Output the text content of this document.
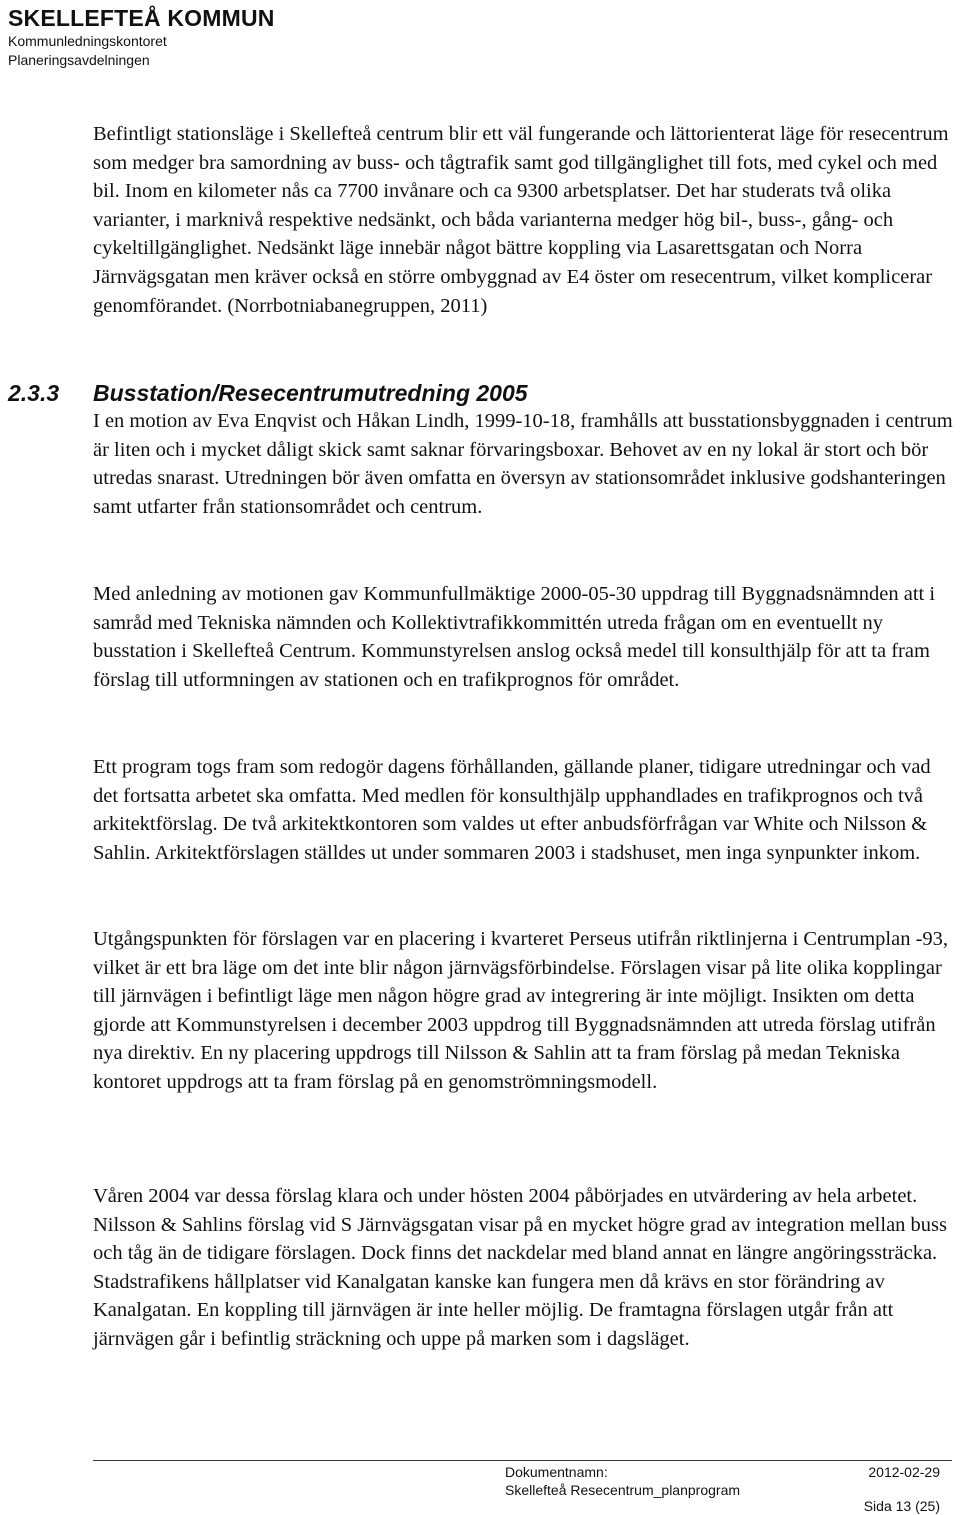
SKELLEFTEÅ KOMMUN
Kommunledningskontoret
Planeringsavdelningen

Befintligt stationsläge i Skellefteå centrum blir ett väl fungerande och lättorienterat läge för resecentrum som medger bra samordning av buss- och tågtrafik samt god tillgänglighet till fots, med cykel och med bil. Inom en kilometer nås ca 7700 invånare och ca 9300 arbetsplatser. Det har studerats två olika varianter, i marknivå respektive nedsänkt, och båda varianterna medger hög bil-, buss-, gång- och cykeltillgänglighet. Nedsänkt läge innebär något bättre koppling via Lasarettsgatan och Norra Järnvägsgatan men kräver också en större ombyggnad av E4 öster om resecentrum, vilket komplicerar genomförandet. (Norrbotniabanegruppen, 2011)

2.3.3 Busstation/Resecentrumutredning 2005

I en motion av Eva Enqvist och Håkan Lindh, 1999-10-18, framhålls att busstationsbyggnaden i centrum är liten och i mycket dåligt skick samt saknar förvaringsboxar. Behovet av en ny lokal är stort och bör utredas snarast. Utredningen bör även omfatta en översyn av stationsområdet inklusive godshanteringen samt utfarter från stationsområdet och centrum.

Med anledning av motionen gav Kommunfullmäktige 2000-05-30 uppdrag till Byggnadsnämnden att i samråd med Tekniska nämnden och Kollektivtrafikkommittén utreda frågan om en eventuellt ny busstation i Skellefteå Centrum. Kommunstyrelsen anslog också medel till konsulthjälp för att ta fram förslag till utformningen av stationen och en trafikprognos för området.

Ett program togs fram som redogör dagens förhållanden, gällande planer, tidigare utredningar och vad det fortsatta arbetet ska omfatta. Med medlen för konsulthjälp upphandlades en trafikprognos och två arkitektförslag. De två arkitektkontoren som valdes ut efter anbudsförfrågan var White och Nilsson & Sahlin. Arkitektförslagen ställdes ut under sommaren 2003 i stadshuset, men inga synpunkter inkom.

Utgångspunkten för förslagen var en placering i kvarteret Perseus utifrån riktlinjerna i Centrumplan -93, vilket är ett bra läge om det inte blir någon järnvägsförbindelse. Förslagen visar på lite olika kopplingar till järnvägen i befintligt läge men någon högre grad av integrering är inte möjligt. Insikten om detta gjorde att Kommunstyrelsen i december 2003 uppdrog till Byggnadsnämnden att utreda förslag utifrån nya direktiv. En ny placering uppdrogs till Nilsson & Sahlin att ta fram förslag på medan Tekniska kontoret uppdrogs att ta fram förslag på en genomströmningsmodell.

Våren 2004 var dessa förslag klara och under hösten 2004 påbörjades en utvärdering av hela arbetet. Nilsson & Sahlins förslag vid S Järnvägsgatan visar på en mycket högre grad av integration mellan buss och tåg än de tidigare förslagen. Dock finns det nackdelar med bland annat en längre angöringssträcka. Stadstrafikens hållplatser vid Kanalgatan kanske kan fungera men då krävs en stor förändring av Kanalgatan. En koppling till järnvägen är inte heller möjlig. De framtagna förslagen utgår från att järnvägen går i befintlig sträckning och uppe på marken som i dagsläget.

Dokumentnamn:	2012-02-29
Skellefteå Resecentrum_planprogram
Sida 13 (25)
